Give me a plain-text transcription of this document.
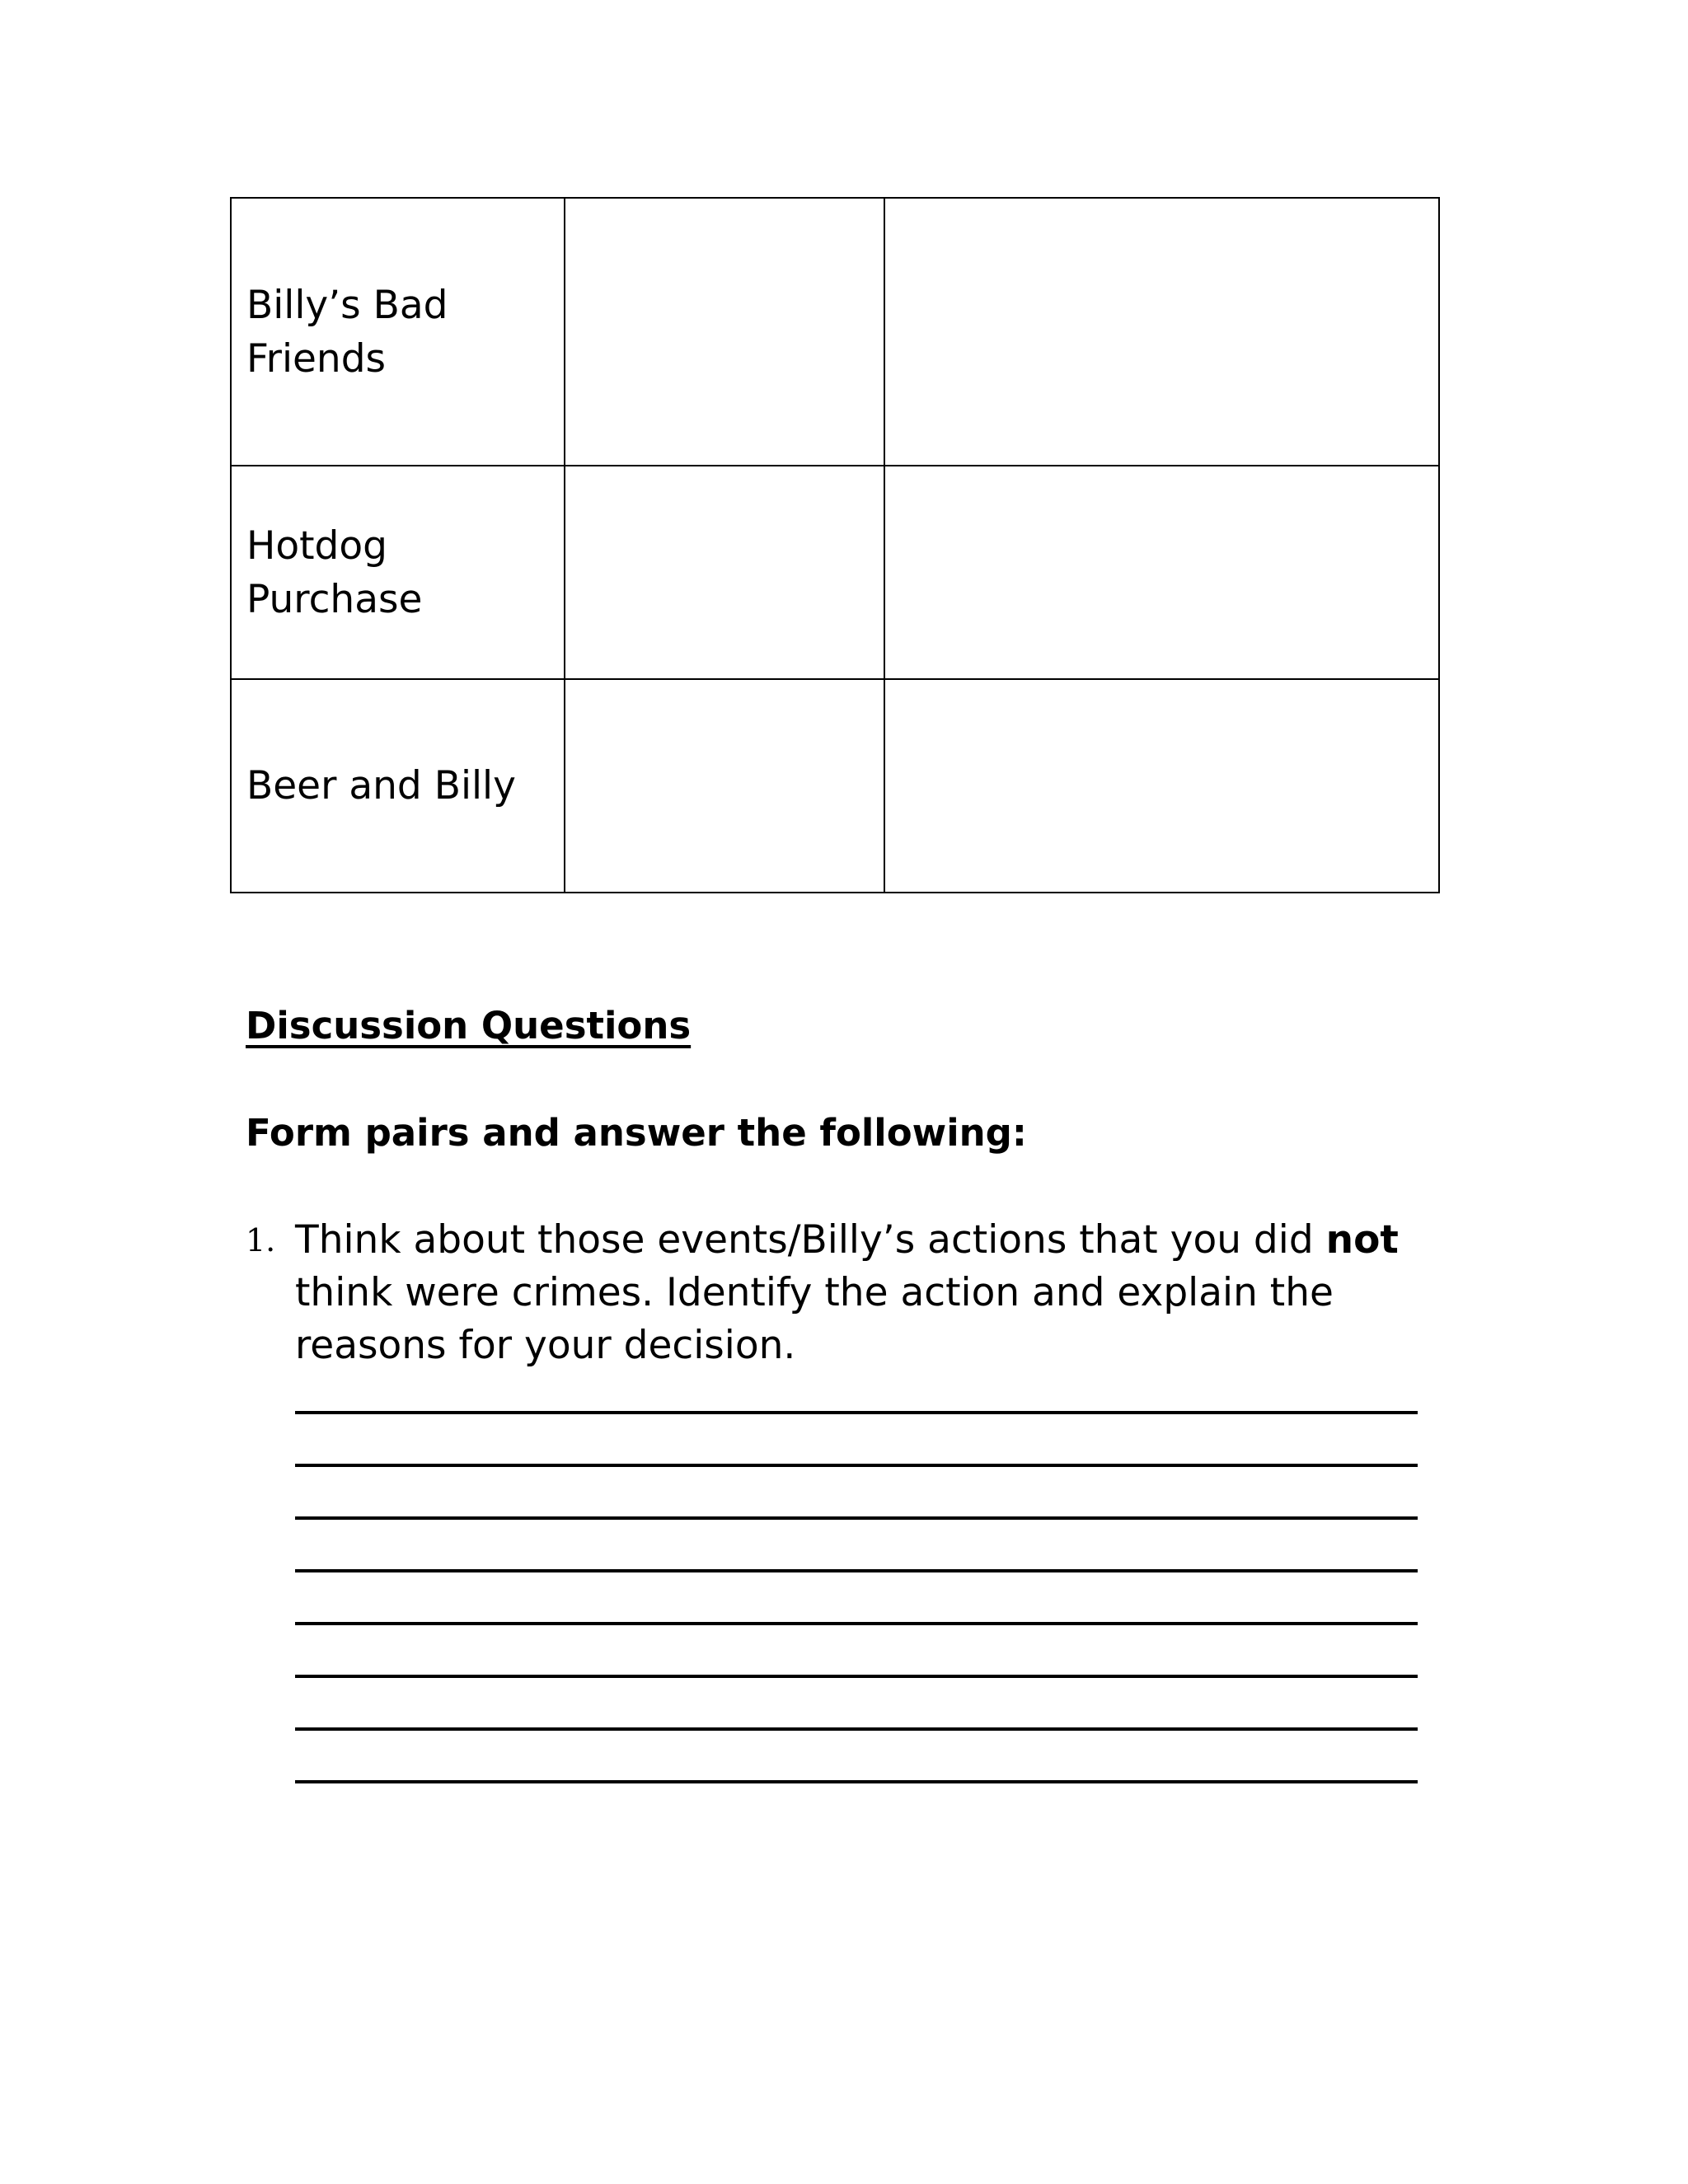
Billy’s Bad
Friends		
Hotdog Purchase		
Beer and Billy		
Discussion Questions
Form pairs and answer the following:
1. Think about those events/Billy’s actions that you did not think were crimes. Identify the action and explain the reasons for your decision.
